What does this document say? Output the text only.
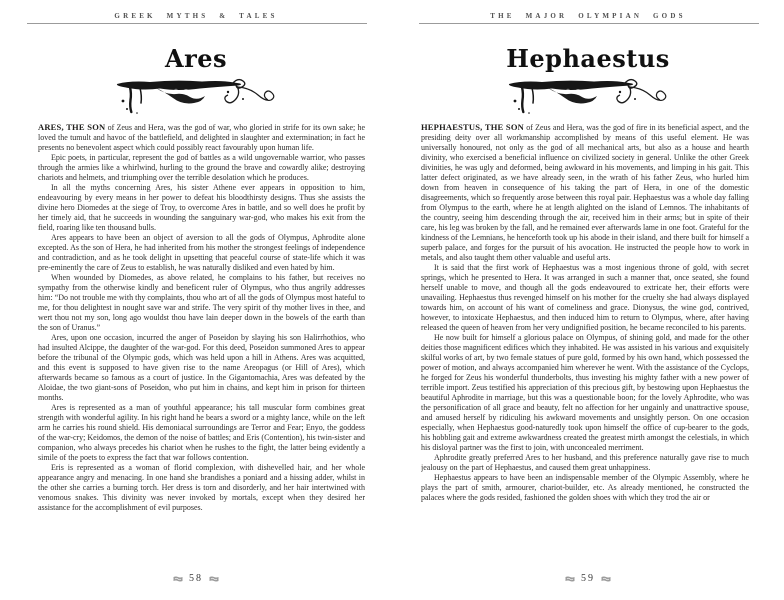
GREEK MYTHS & TALES
Ares

ARES, THE SON of Zeus and Hera, was the god of war, who gloried in strife for its own sake; he loved the tumult and havoc of the battlefield, and delighted in slaughter and extermination; in fact he presents no benevolent aspect which could possibly react favourably upon human life.

Epic poets, in particular, represent the god of battles as a wild ungovernable warrior, who passes through the armies like a whirlwind, hurling to the ground the brave and cowardly alike; destroying chariots and helmets, and triumphing over the terrible desolation which he produces.

In all the myths concerning Ares, his sister Athene ever appears in opposition to him, endeavouring by every means in her power to defeat his bloodthirsty designs. Thus she assists the divine hero Diomedes at the siege of Troy, to overcome Ares in battle, and so well does he profit by her timely aid, that he succeeds in wounding the sanguinary war-god, who makes his exit from the field, roaring like ten thousand bulls.

Ares appears to have been an object of aversion to all the gods of Olympus, Aphrodite alone excepted. As the son of Hera, he had inherited from his mother the strongest feelings of independence and contradiction, and as he took delight in upsetting that peaceful course of state-life which it was pre-eminently the care of Zeus to establish, he was naturally disliked and even hated by him.

When wounded by Diomedes, as above related, he complains to his father, but receives no sympathy from the otherwise kindly and beneficent ruler of Olympus, who thus angrily addresses him: “Do not trouble me with thy complaints, thou who art of all the gods of Olympus most hateful to me, for thou delightest in nought save war and strife. The very spirit of thy mother lives in thee, and wert thou not my son, long ago wouldst thou have lain deeper down in the bowels of the earth than the son of Uranus.”

Ares, upon one occasion, incurred the anger of Poseidon by slaying his son Halirrhothios, who had insulted Alcippe, the daughter of the war-god. For this deed, Poseidon summoned Ares to appear before the tribunal of the Olympic gods, which was held upon a hill in Athens. Ares was acquitted, and this event is supposed to have given rise to the name Areopagus (or Hill of Ares), which afterwards became so famous as a court of justice. In the Gigantomachia, Ares was defeated by the Aloidae, the two giant-sons of Poseidon, who put him in chains, and kept him in prison for thirteen months.

Ares is represented as a man of youthful appearance; his tall muscular form combines great strength with wonderful agility. In his right hand he bears a sword or a mighty lance, while on the left arm he carries his round shield. His demoniacal surroundings are Terror and Fear; Enyo, the goddess of the war-cry; Keidomos, the demon of the noise of battles; and Eris (Contention), his twin-sister and companion, who always precedes his chariot when he rushes to the fight, the latter being evidently a simile of the poets to express the fact that war follows contention.

Eris is represented as a woman of florid complexion, with dishevelled hair, and her whole appearance angry and menacing. In one hand she brandishes a poniard and a hissing adder, whilst in the other she carries a burning torch. Her dress is torn and disorderly, and her hair intertwined with venomous snakes. This divinity was never invoked by mortals, except when they desired her assistance for the accomplishment of evil purposes.

58
THE MAJOR OLYMPIAN GODS
Hephaestus

HEPHAESTUS, THE SON of Zeus and Hera, was the god of fire in its beneficial aspect, and the presiding deity over all workmanship accomplished by means of this useful element. He was universally honoured, not only as the god of all mechanical arts, but also as a house and hearth divinity, who exercised a beneficial influence on civilized society in general. Unlike the other Greek divinities, he was ugly and deformed, being awkward in his movements, and limping in his gait. This latter defect originated, as we have already seen, in the wrath of his father Zeus, who hurled him down from heaven in consequence of his taking the part of Hera, in one of the domestic disagreements, which so frequently arose between this royal pair. Hephaestus was a whole day falling from Olympus to the earth, where he at length alighted on the island of Lemnos. The inhabitants of the country, seeing him descending through the air, received him in their arms; but in spite of their care, his leg was broken by the fall, and he remained ever afterwards lame in one foot. Grateful for the kindness of the Lemnians, he henceforth took up his abode in their island, and there built for himself a superb palace, and forges for the pursuit of his avocation. He instructed the people how to work in metals, and also taught them other valuable and useful arts.

It is said that the first work of Hephaestus was a most ingenious throne of gold, with secret springs, which he presented to Hera. It was arranged in such a manner that, once seated, she found herself unable to move, and though all the gods endeavoured to extricate her, their efforts were unavailing. Hephaestus thus revenged himself on his mother for the cruelty she had always displayed towards him, on account of his want of comeliness and grace. Dionysus, the wine god, contrived, however, to intoxicate Hephaestus, and then induced him to return to Olympus, where, after having released the queen of heaven from her very undignified position, he became reconciled to his parents.

He now built for himself a glorious palace on Olympus, of shining gold, and made for the other deities those magnificent edifices which they inhabited. He was assisted in his various and exquisitely skilful works of art, by two female statues of pure gold, formed by his own hand, which possessed the power of motion, and always accompanied him wherever he went. With the assistance of the Cyclops, he forged for Zeus his wonderful thunderbolts, thus investing his mighty father with a new power of terrible import. Zeus testified his appreciation of this precious gift, by bestowing upon Hephaestus the beautiful Aphrodite in marriage, but this was a questionable boon; for the lovely Aphrodite, who was the personification of all grace and beauty, felt no affection for her ungainly and unattractive spouse, and amused herself by ridiculing his awkward movements and unsightly person. On one occasion especially, when Hephaestus good-naturedly took upon himself the office of cup-bearer to the gods, his hobbling gait and extreme awkwardness created the greatest mirth amongst the celestials, in which his disloyal partner was the first to join, with unconcealed merriment.

Aphrodite greatly preferred Ares to her husband, and this preference naturally gave rise to much jealousy on the part of Hephaestus, and caused them great unhappiness.

Hephaestus appears to have been an indispensable member of the Olympic Assembly, where he plays the part of smith, armourer, chariot-builder, etc. As already mentioned, he constructed the palaces where the gods resided, fashioned the golden shoes with which they trod the air or

59
